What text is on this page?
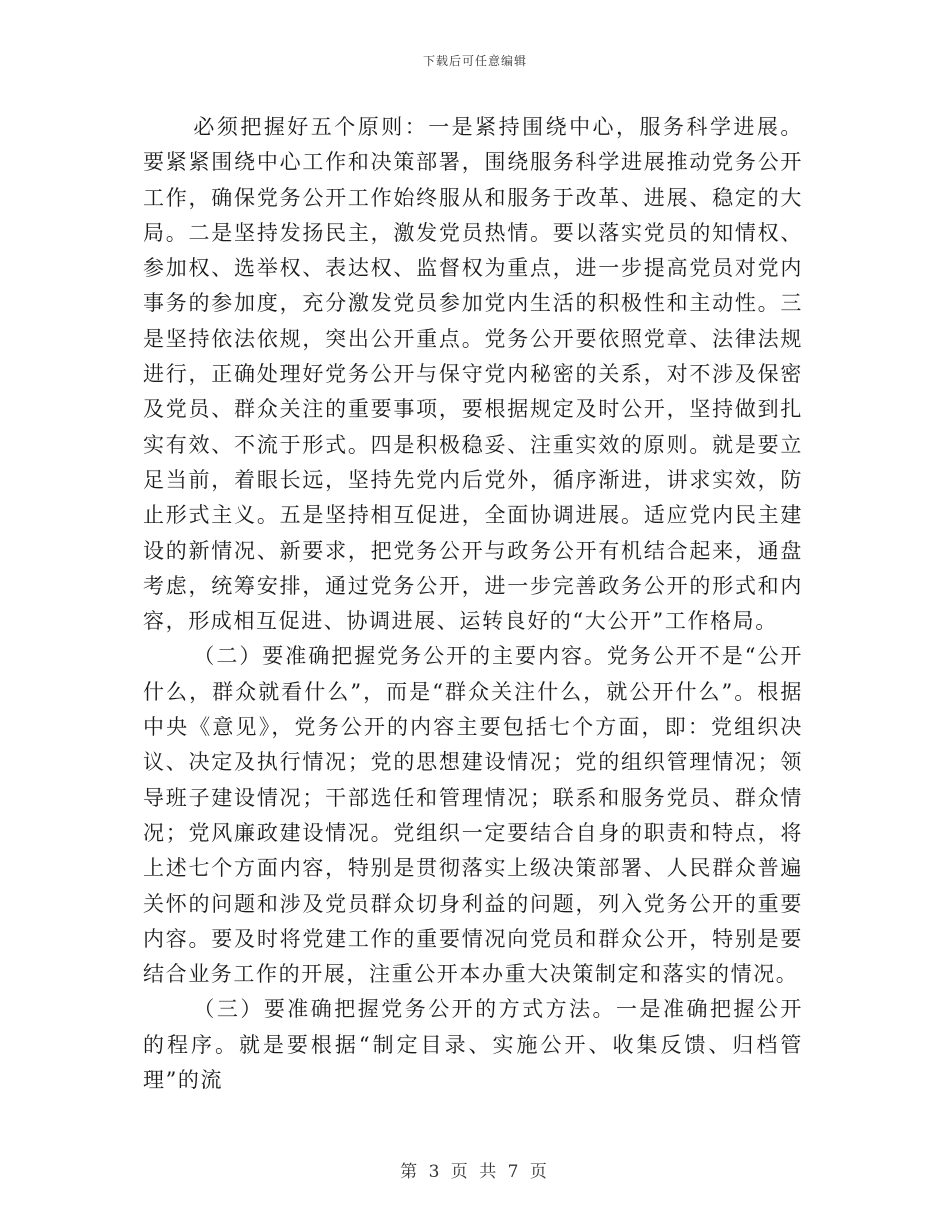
下载后可任意编辑

必须把握好五个原则：一是紧持围绕中心，服务科学进展。要紧紧围绕中心工作和决策部署，围绕服务科学进展推动党务公开工作，确保党务公开工作始终服从和服务于改革、进展、稳定的大局。二是坚持发扬民主，激发党员热情。要以落实党员的知情权、参加权、选举权、表达权、监督权为重点，进一步提高党员对党内事务的参加度，充分激发党员参加党内生活的积极性和主动性。三是坚持依法依规，突出公开重点。党务公开要依照党章、法律法规进行，正确处理好党务公开与保守党内秘密的关系，对不涉及保密及党员、群众关注的重要事项，要根据规定及时公开，坚持做到扎实有效、不流于形式。四是积极稳妥、注重实效的原则。就是要立足当前，着眼长远，坚持先党内后党外，循序渐进，讲求实效，防止形式主义。五是坚持相互促进，全面协调进展。适应党内民主建设的新情况、新要求，把党务公开与政务公开有机结合起来，通盘考虑，统筹安排，通过党务公开，进一步完善政务公开的形式和内容，形成相互促进、协调进展、运转良好的“大公开”工作格局。

（二）要准确把握党务公开的主要内容。党务公开不是“公开什么，群众就看什么”，而是“群众关注什么，就公开什么”。根据中央《意见》，党务公开的内容主要包括七个方面，即：党组织决议、决定及执行情况；党的思想建设情况；党的组织管理情况；领导班子建设情况；干部选任和管理情况；联系和服务党员、群众情况；党风廉政建设情况。党组织一定要结合自身的职责和特点，将上述七个方面内容，特别是贯彻落实上级决策部署、人民群众普遍关怀的问题和涉及党员群众切身利益的问题，列入党务公开的重要内容。要及时将党建工作的重要情况向党员和群众公开，特别是要结合业务工作的开展，注重公开本办重大决策制定和落实的情况。

（三）要准确把握党务公开的方式方法。一是准确把握公开的程序。就是要根据“制定目录、实施公开、收集反馈、归档管理”的流

第 3 页 共 7 页
